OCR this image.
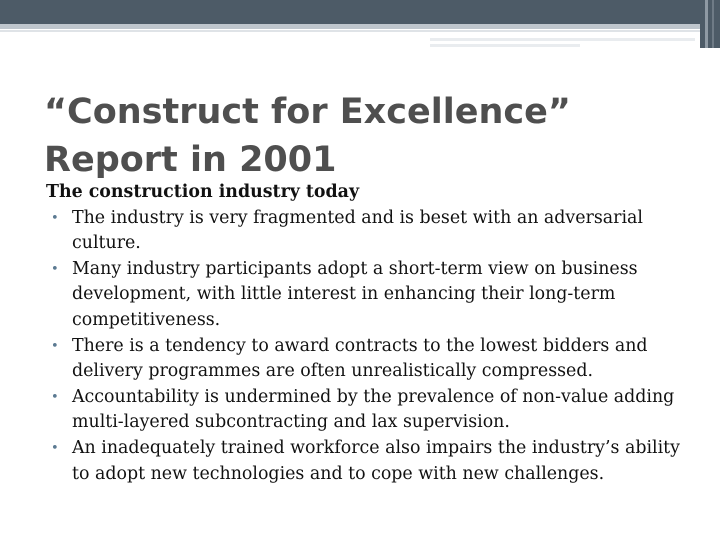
“Construct for Excellence” Report in 2001

The construction industry today

• The industry is very fragmented and is beset with an adversarial culture.
• Many industry participants adopt a short-term view on business development, with little interest in enhancing their long-term competitiveness.
• There is a tendency to award contracts to the lowest bidders and delivery programmes are often unrealistically compressed.
• Accountability is undermined by the prevalence of non-value adding multi-layered subcontracting and lax supervision.
• An inadequately trained workforce also impairs the industry’s ability to adopt new technologies and to cope with new challenges.
